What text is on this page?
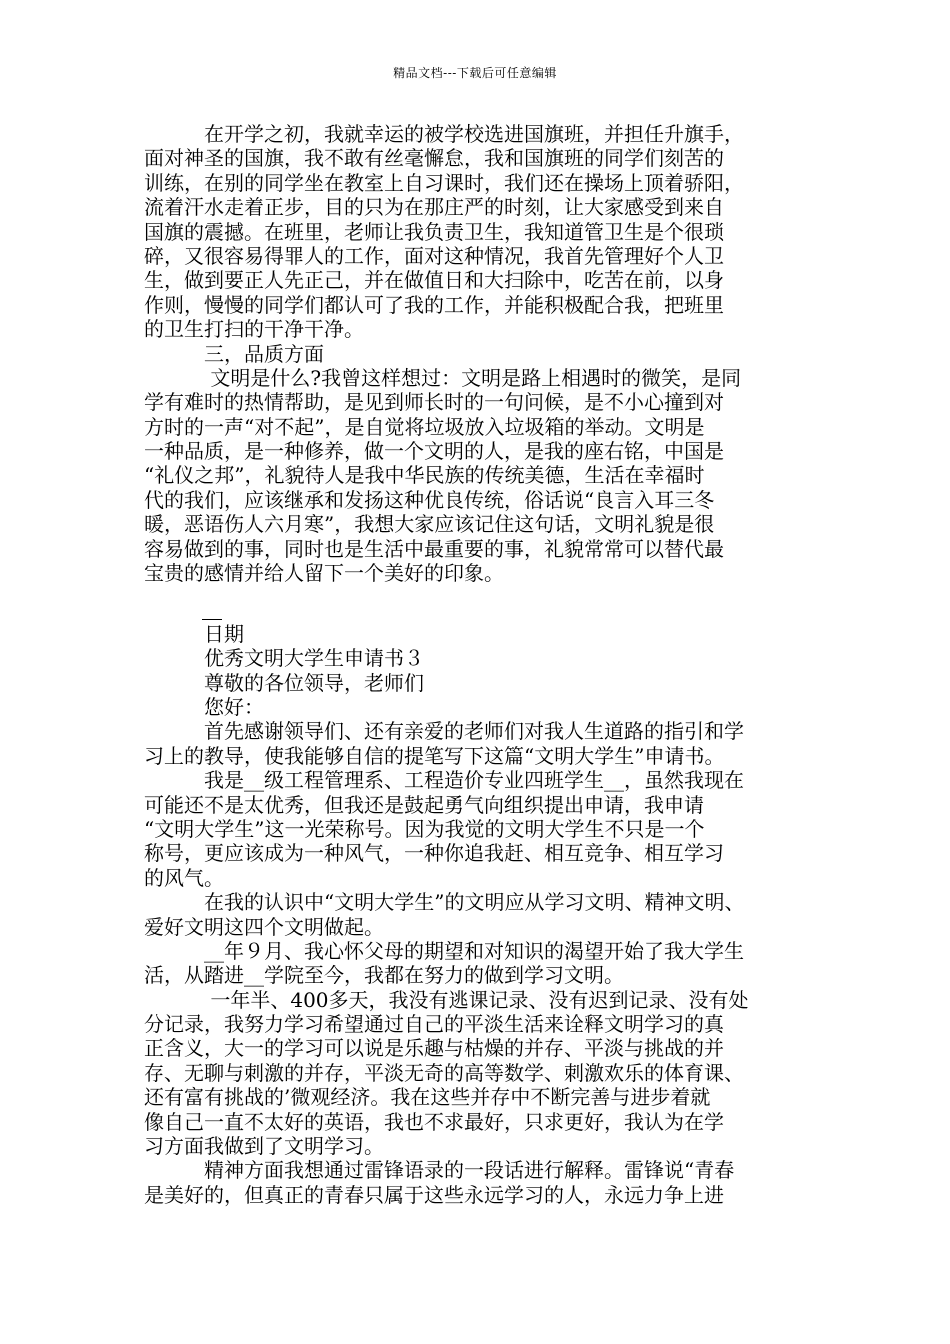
精品文档---下载后可任意编辑
　　　在开学之初，我就幸运的被学校选进国旗班，并担任升旗手，
面对神圣的国旗，我不敢有丝毫懈怠，我和国旗班的同学们刻苦的
训练，在别的同学坐在教室上自习课时，我们还在操场上顶着骄阳，
流着汗水走着正步，目的只为在那庄严的时刻，让大家感受到来自
国旗的震撼。在班里，老师让我负责卫生，我知道管卫生是个很琐
碎，又很容易得罪人的工作，面对这种情况，我首先管理好个人卫
生，做到要正人先正己，并在做值日和大扫除中，吃苦在前，以身
作则，慢慢的同学们都认可了我的工作，并能积极配合我，把班里
的卫生打扫的干净干净。
　　　三，品质方面
　　　 文明是什么?我曾这样想过：文明是路上相遇时的微笑，是同
学有难时的热情帮助，是见到师长时的一句问候，是不小心撞到对
方时的一声“对不起”，是自觉将垃圾放入垃圾箱的举动。文明是
一种品质，是一种修养，做一个文明的人，是我的座右铭，中国是
“礼仪之邦”，礼貌待人是我中华民族的传统美德，生活在幸福时
代的我们，应该继承和发扬这种优良传统，俗话说“良言入耳三冬
暖，恶语伤人六月寒”，我想大家应该记住这句话，文明礼貌是很
容易做到的事，同时也是生活中最重要的事，礼貌常常可以替代最
宝贵的感情并给人留下一个美好的印象。
　　　日期
　　　优秀文明大学生申请书３
　　　尊敬的各位领导，老师们
　　　您好：
　　　首先感谢领导们、还有亲爱的老师们对我人生道路的指引和学
习上的教导，使我能够自信的提笔写下这篇“文明大学生”申请书。
　　　我是__级工程管理系、工程造价专业四班学生__，虽然我现在
可能还不是太优秀，但我还是鼓起勇气向组织提出申请，我申请
“文明大学生”这一光荣称号。因为我觉的文明大学生不只是一个
称号，更应该成为一种风气，一种你追我赶、相互竞争、相互学习
的风气。
　　　在我的认识中“文明大学生”的文明应从学习文明、精神文明、
爱好文明这四个文明做起。
　　　__年９月、我心怀父母的期望和对知识的渴望开始了我大学生
活，从踏进__学院至今，我都在努力的做到学习文明。
　　　 一年半、400多天，我没有逃课记录、没有迟到记录、没有处
分记录，我努力学习希望通过自己的平淡生活来诠释文明学习的真
正含义，大一的学习可以说是乐趣与枯燥的并存、平淡与挑战的并
存、无聊与刺激的并存，平淡无奇的高等数学、刺激欢乐的体育课、
还有富有挑战的’微观经济。我在这些并存中不断完善与进步着就
像自己一直不太好的英语，我也不求最好，只求更好，我认为在学
习方面我做到了文明学习。
　　　精神方面我想通过雷锋语录的一段话进行解释。雷锋说“青春
是美好的，但真正的青春只属于这些永远学习的人，永远力争上进
